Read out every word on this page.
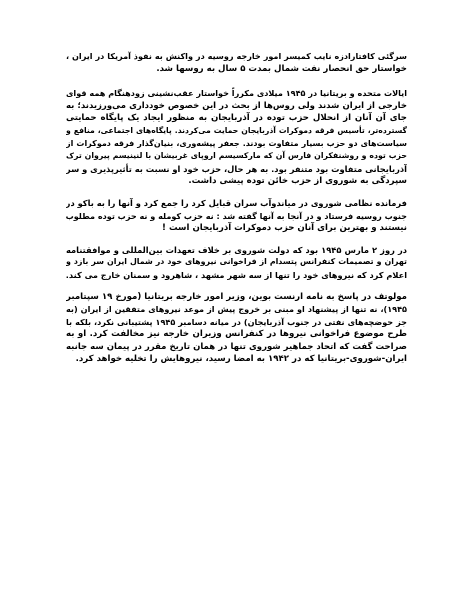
سرگئی کافتارادزه نایب کمیسر امور خارجه روسیه در واکنش به نفوذ آمریکا در ایران ،
خواستار حق انحصار نفت شمال بمدت ۵ سال به روسها شد.

ایالات متحده و بریتانیا در ۱۹۴۵ میلادی مکرراً خواستار عقب‌نشینی زودهنگام همه قوای
خارجی از ایران شدند ولی روس‌ها از بحث در این خصوص خودداری می‌ورزیدند؛ به
جای آن آنان از انحلال حزب توده در آذربایجان به منظور ایجاد یک پایگاه حمایتی
گسترده‌تر، تأسیس فرقه دموکرات آذربایجان حمایت می‌کردند. پایگاه‌های اجتماعی، منافع و
سیاست‌های دو حزب بسیار متفاوت بودند. جعفر پیشه‌وری، بنیان‌گذار فرقه دموکرات از
حزب توده و روشنفکران فارس آن که مارکسیسم اروپای غربیشان با لنینیسم پیروان ترک
آذربایجانی متفاوت بود متنفر بود. به هر حال، حزب خود او نسبت به تأثیرپذیری و سر
سپردگی به شوروی از حزب خائن توده پیشی داشت.

فرمانده نظامی شوروی در میاندوآب سران قبایل کرد را جمع کرد و آنها را به باکو در
جنوب روسیه فرستاد و در آنجا به آنها گفته شد : نه حزب کومله و نه حزب توده مطلوب
نیستند و بهترین برای آنان حزب دموکرات آذربایجان است !

در روز ۲ مارس ۱۹۴۵ بود که دولت شوروی بر خلاف تعهدات بین‌المللی و موافقتنامه
تهران و تصمیمات کنفرانس پتسدام از فراخوانی نیروهای خود در شمال ایران سر بازد و
اعلام کرد که نیروهای خود را تنها از سه شهر مشهد ، شاهرود و سمنان خارج می کند.

مولوتف در پاسخ به نامه ارنست بوین، وزیر امور خارجه بریتانیا (مورخ ۱۹ سپتامبر
۱۹۴۵)، نه تنها از پیشنهاد او مبنی بر خروج پیش از موعد نیروهای متفقین از ایران (به
جز حوضچه‌های نفتی در جنوب آذربایجان) در میانه دسامبر ۱۹۴۵ پشتیبانی نکرد، بلکه با
طرح موضوع فراخوانی نیروها در کنفرانس وزیران خارجه نیز مخالفت کرد. او به
صراحت گفت که اتحاد جماهیر شوروی تنها در همان تاریخ مقرر در پیمان سه جانبه
ایران-شوروی-بریتانیا که در ۱۹۴۲ به امضا رسید، نیروهایش را تخلیه خواهد کرد.
